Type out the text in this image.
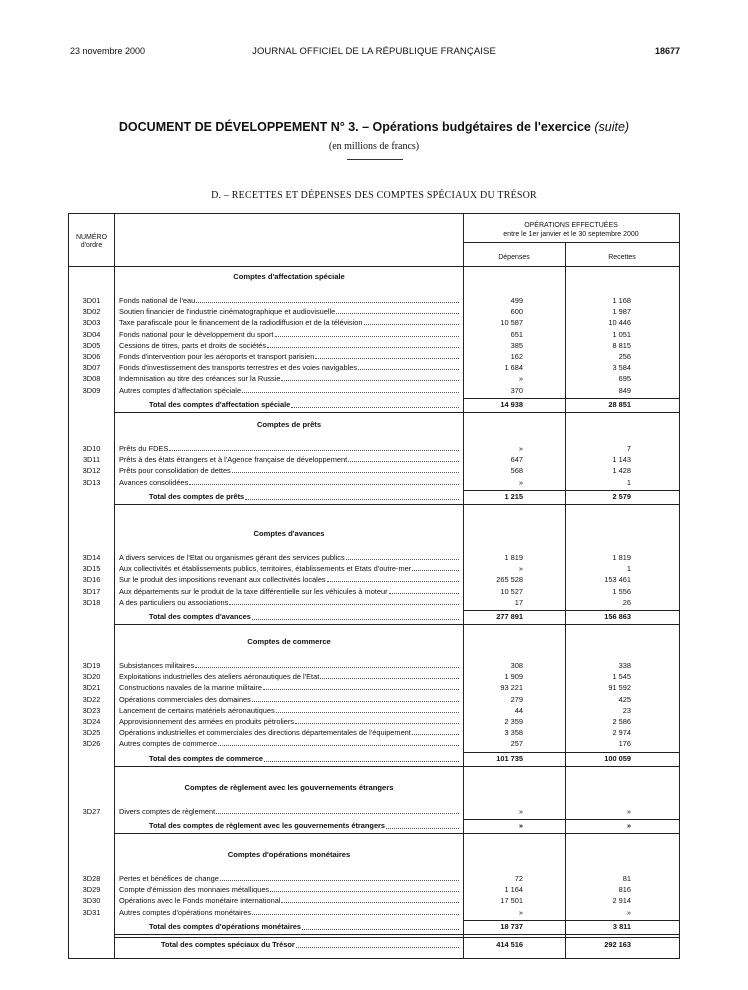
23 novembre 2000	JOURNAL OFFICIEL DE LA RÉPUBLIQUE FRANÇAISE	18677
DOCUMENT DE DÉVELOPPEMENT N° 3. – Opérations budgétaires de l'exercice (suite)
(en millions de francs)
D. – RECETTES ET DÉPENSES DES COMPTES SPÉCIAUX DU TRÉSOR
NUMÉRO
d'ordre
OPÉRATIONS EFFECTUÉES
entre le 1er janvier et le 30 septembre 2000
Dépenses	Recettes
Comptes d'affectation spéciale
3D01	Fonds national de l'eau	499	1 168
3D02	Soutien financier de l'industrie cinématographique et audiovisuelle	600	1 987
3D03	Taxe parafiscale pour le financement de la radiodiffusion et de la télévision	10 587	10 446
3D04	Fonds national pour le développement du sport	651	1 051
3D05	Cessions de titres, parts et droits de sociétés	385	8 815
3D06	Fonds d'intervention pour les aéroports et transport parisien	162	256
3D07	Fonds d'investissement des transports terrestres et des voies navigables	1 684	3 584
3D08	Indemnisation au titre des créances sur la Russie	»	695
3D09	Autres comptes d'affectation spéciale	370	849
Total des comptes d'affectation spéciale	14 938	28 851
Comptes de prêts
3D10	Prêts du FDES	»	7
3D11	Prêts à des états étrangers et à l'Agence française de développement	647	1 143
3D12	Prêts pour consolidation de dettes	568	1 428
3D13	Avances consolidées	»	1
Total des comptes de prêts	1 215	2 579
Comptes d'avances
3D14	A divers services de l'Etat ou organismes gérant des services publics	1 819	1 819
3D15	Aux collectivités et établissements publics, territoires, établissements et Etats d'outre-mer	»	1
3D16	Sur le produit des impositions revenant aux collectivités locales	265 528	153 461
3D17	Aux départements sur le produit de la taxe différentielle sur les véhicules à moteur	10 527	1 556
3D18	A des particuliers ou associations	17	26
Total des comptes d'avances	277 891	156 863
Comptes de commerce
3D19	Subsistances militaires	308	338
3D20	Exploitations industrielles des ateliers aéronautiques de l'Etat	1 909	1 545
3D21	Constructions navales de la marine militaire	93 221	91 592
3D22	Opérations commerciales des domaines	279	425
3D23	Lancement de certains matériels aéronautiques	44	23
3D24	Approvisionnement des armées en produits pétroliers	2 359	2 586
3D25	Opérations industrielles et commerciales des directions départementales de l'équipement	3 358	2 974
3D26	Autres comptes de commerce	257	176
Total des comptes de commerce	101 735	100 059
Comptes de règlement avec les gouvernements étrangers
3D27	Divers comptes de règlement	»	»
Total des comptes de règlement avec les gouvernements étrangers	»	»
Comptes d'opérations monétaires
3D28	Pertes et bénéfices de change	72	81
3D29	Compte d'émission des monnaies métalliques	1 164	816
3D30	Opérations avec le Fonds monétaire international	17 501	2 914
3D31	Autres comptes d'opérations monétaires	»	»
Total des comptes d'opérations monétaires	18 737	3 811
Total des comptes spéciaux du Trésor	414 516	292 163
